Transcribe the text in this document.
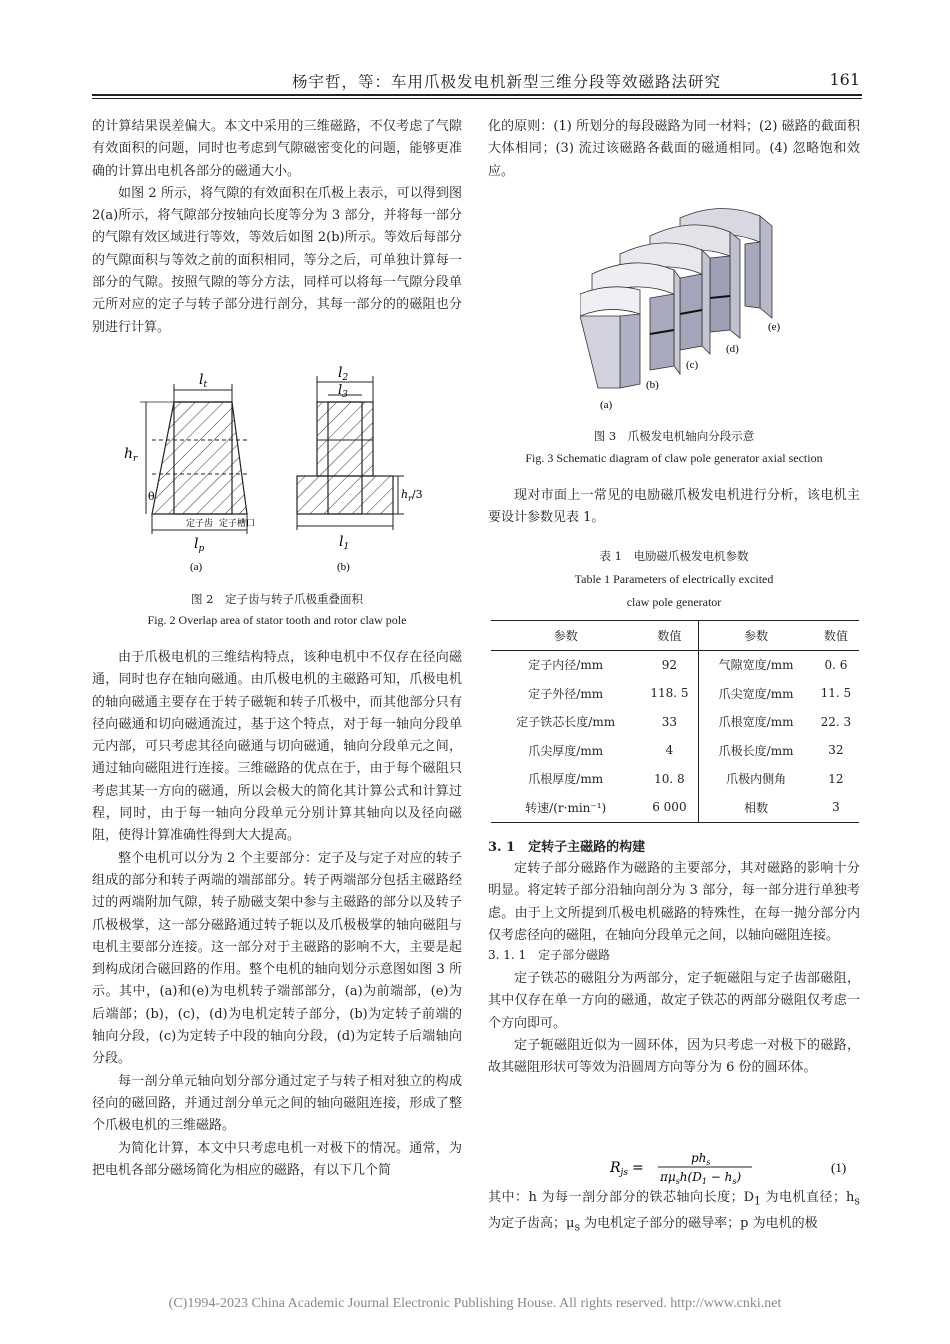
杨宇哲，等：车用爪极发电机新型三维分段等效磁路法研究	161

的计算结果误差偏大。本文中采用的三维磁路，不仅考虑了气隙有效面积的问题，同时也考虑到气隙磁密变化的问题，能够更准确的计算出电机各部分的磁通大小。

如图 2 所示，将气隙的有效面积在爪极上表示，可以得到图 2(a)所示，将气隙部分按轴向长度等分为 3 部分，并将每一部分的气隙有效区域进行等效，等效后如图 2(b)所示。等效后每部分的气隙面积与等效之前的面积相同，等分之后，可单独计算每一部分的气隙。按照气隙的等分方法，同样可以将每一气隙分段单元所对应的定子与转子部分进行剖分，其每一部分的的磁阻也分别进行计算。

$l_t$
$h_r$
θ
$l_p$
定子齿 定子槽口
(a)
$l_2$
$l_3$
$h_r/3$
$l_1$
(b)
图 2　定子齿与转子爪极重叠面积
Fig. 2 Overlap area of stator tooth and rotor claw pole

由于爪极电机的三维结构特点，该种电机中不仅存在径向磁通，同时也存在轴向磁通。由爪极电机的主磁路可知，爪极电机的轴向磁通主要存在于转子磁轭和转子爪极中，而其他部分只有径向磁通和切向磁通流过，基于这个特点，对于每一轴向分段单元内部，可只考虑其径向磁通与切向磁通，轴向分段单元之间，通过轴向磁阻进行连接。三维磁路的优点在于，由于每个磁阻只考虑其某一方向的磁通，所以会极大的简化其计算公式和计算过程，同时，由于每一轴向分段单元分别计算其轴向以及径向磁阻，使得计算准确性得到大大提高。

整个电机可以分为 2 个主要部分：定子及与定子对应的转子组成的部分和转子两端的端部部分。转子两端部分包括主磁路经过的两端附加气隙，转子励磁支架中参与主磁路的部分以及转子爪极极掌，这一部分磁路通过转子轭以及爪极极掌的轴向磁阻与电机主要部分连接。这一部分对于主磁路的影响不大，主要是起到构成闭合磁回路的作用。整个电机的轴向划分示意图如图 3 所示。其中，(a)和(e)为电机转子端部部分，(a)为前端部，(e)为后端部；(b)，(c)，(d)为电机定转子部分，(b)为定转子前端的轴向分段，(c)为定转子中段的轴向分段，(d)为定转子后端轴向分段。

每一剖分单元轴向划分部分通过定子与转子相对独立的构成径向的磁回路，并通过剖分单元之间的轴向磁阻连接，形成了整个爪极电机的三维磁路。

为简化计算，本文中只考虑电机一对极下的情况。通常，为把电机各部分磁场简化为相应的磁路，有以下几个简

化的原则：(1) 所划分的每段磁路为同一材料；(2) 磁路的截面积大体相同；(3) 流过该磁路各截面的磁通相同。(4) 忽略饱和效应。

(a)
(b)
(c)
(d)
(e)
图 3　爪极发电机轴向分段示意
Fig. 3 Schematic diagram of claw pole generator axial section

现对市面上一常见的电励磁爪极发电机进行分析，该电机主要设计参数见表 1。

表 1　电励磁爪极发电机参数
Table 1 Parameters of electrically excited
claw pole generator
参数	数值	参数	数值
定子内径/mm	92	气隙宽度/mm	0. 6
定子外径/mm	118. 5	爪尖宽度/mm	11. 5
定子铁芯长度/mm	33	爪根宽度/mm	22. 3
爪尖厚度/mm	4	爪极长度/mm	32
爪根厚度/mm	10. 8	爪极内侧角	12
转速/(r·min⁻¹)	6 000	相数	3
3. 1　定转子主磁路的构建

定转子部分磁路作为磁路的主要部分，其对磁路的影响十分明显。将定转子部分沿轴向剖分为 3 部分，每一部分进行单独考虑。由于上文所提到爪极电机磁路的特殊性，在每一抛分部分内仅考虑径向的磁阻，在轴向分段单元之间，以轴向磁阻连接。

3. 1. 1　定子部分磁路

定子铁芯的磁阻分为两部分，定子轭磁阻与定子齿部磁阻，其中仅存在单一方向的磁通，故定子铁芯的两部分磁阻仅考虑一个方向即可。

定子轭磁阻近似为一圆环体，因为只考虑一对极下的磁路，故其磁阻形状可等效为沿圆周方向等分为 6 份的圆环体。

$R_{js}$ =
$ph_s$
$\pi\mu_sh(D_1 - h_s)$
(1)

其中：h 为每一剖分部分的铁芯轴向长度；$D_1$ 为电机直径；$h_s$为定子齿高；$\mu_s$ 为电机定子部分的磁导率；p 为电机的极

(C)1994-2023 China Academic Journal Electronic Publishing House. All rights reserved. http://www.cnki.net
